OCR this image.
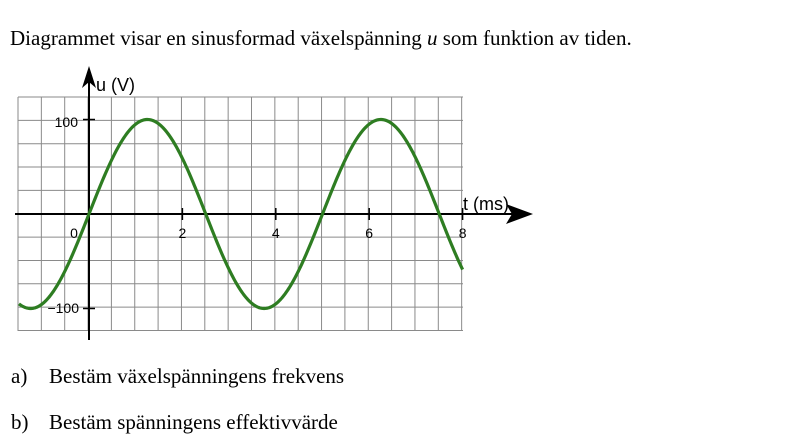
Diagrammet visar en sinusformad växelspänning u som funktion av tiden.
u (V)
t (ms)
0	2	4	6	8
100
−100
a) Bestäm växelspänningens frekvens
b) Bestäm spänningens effektivvärde
